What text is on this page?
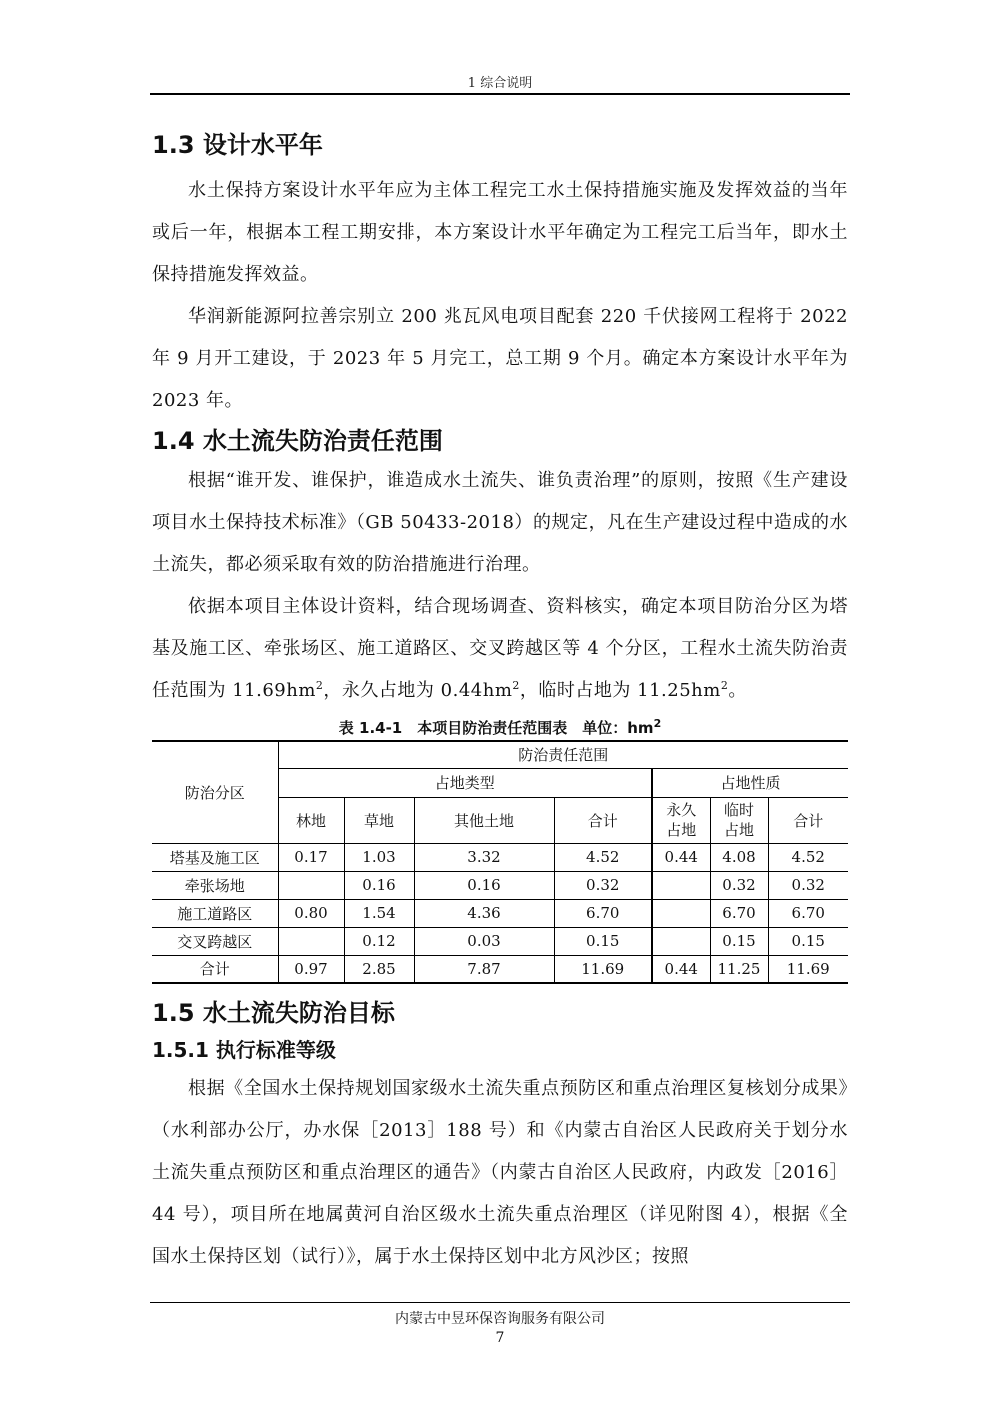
1 综合说明
1.3 设计水平年

水土保持方案设计水平年应为主体工程完工水土保持措施实施及发挥效益的当年或后一年，根据本工程工期安排，本方案设计水平年确定为工程完工后当年，即水土保持措施发挥效益。

华润新能源阿拉善宗别立 200 兆瓦风电项目配套 220 千伏接网工程将于 2022 年 9 月开工建设，于 2023 年 5 月完工，总工期 9 个月。确定本方案设计水平年为 2023 年。

1.4 水土流失防治责任范围

根据“谁开发、谁保护，谁造成水土流失、谁负责治理”的原则，按照《生产建设项目水土保持技术标准》（GB 50433-2018）的规定，凡在生产建设过程中造成的水土流失，都必须采取有效的防治措施进行治理。

依据本项目主体设计资料，结合现场调查、资料核实，确定本项目防治分区为塔基及施工区、牵张场区、施工道路区、交叉跨越区等 4 个分区，工程水土流失防治责任范围为 $11.69hm^2$，永久占地为 $0.44hm^2$，临时占地为 $11.25hm^2$。

表 1.4-1　本项目防治责任范围表　单位：$hm^2$
防治分区	防治责任范围						
	占地类型				占地性质		
	林地	草地	其他土地	合计	永久占地	临时占地	合计
塔基及施工区	0.17	1.03	3.32	4.52	0.44	4.08	4.52
牵张场地		0.16	0.16	0.32		0.32	0.32
施工道路区	0.80	1.54	4.36	6.70		6.70	6.70
交叉跨越区		0.12	0.03	0.15		0.15	0.15
合计	0.97	2.85	7.87	11.69	0.44	11.25	11.69
1.5 水土流失防治目标
1.5.1 执行标准等级

根据《全国水土保持规划国家级水土流失重点预防区和重点治理区复核划分成果》（水利部办公厅，办水保［2013］188 号）和《内蒙古自治区人民政府关于划分水土流失重点预防区和重点治理区的通告》（内蒙古自治区人民政府，内政发［2016］44 号），项目所在地属黄河自治区级水土流失重点治理区（详见附图 4），根据《全国水土保持区划（试行）》，属于水土保持区划中北方风沙区；按照

内蒙古中昱环保咨询服务有限公司
7
